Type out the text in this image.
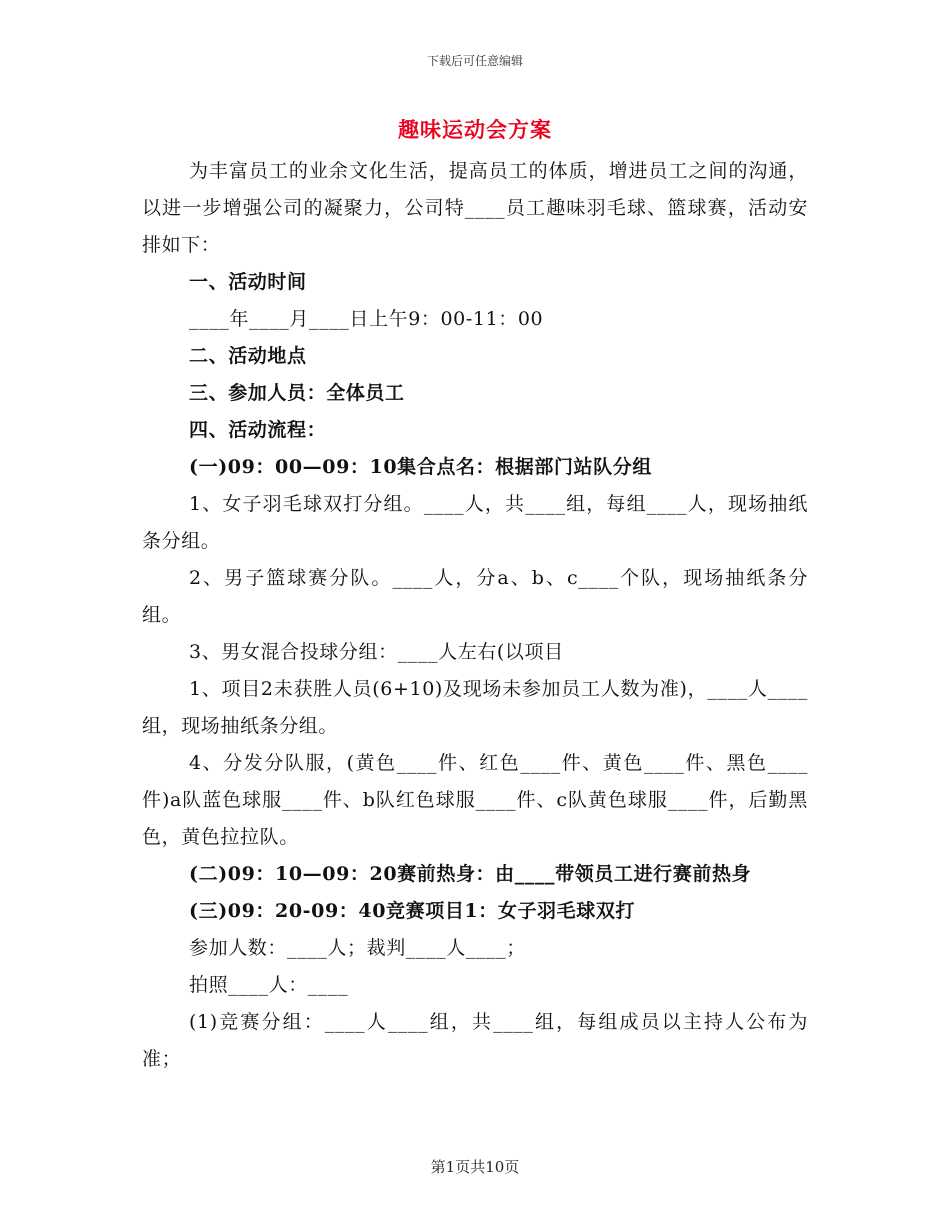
下载后可任意编辑
趣味运动会方案

为丰富员工的业余文化生活，提高员工的体质，增进员工之间的沟通，以进一步增强公司的凝聚力，公司特____员工趣味羽毛球、篮球赛，活动安排如下：

一、活动时间

____年____月____日上午9：00-11：00

二、活动地点

三、参加人员：全体员工

四、活动流程：

(一)09：00—09：10集合点名：根据部门站队分组

1、女子羽毛球双打分组。____人，共____组，每组____人，现场抽纸条分组。

2、男子篮球赛分队。____人，分a、b、c____个队，现场抽纸条分组。

3、男女混合投球分组：____人左右(以项目

1、项目2未获胜人员(6+10)及现场未参加员工人数为准)，____人____组，现场抽纸条分组。

4、分发分队服，(黄色____件、红色____件、黄色____件、黑色____件)a队蓝色球服____件、b队红色球服____件、c队黄色球服____件，后勤黑色，黄色拉拉队。

(二)09：10—09：20赛前热身：由____带领员工进行赛前热身

(三)09：20-09：40竞赛项目1：女子羽毛球双打

参加人数：____人；裁判____人____；

拍照____人：____

(1)竞赛分组：____人____组，共____组，每组成员以主持人公布为准；

第1页共10页
